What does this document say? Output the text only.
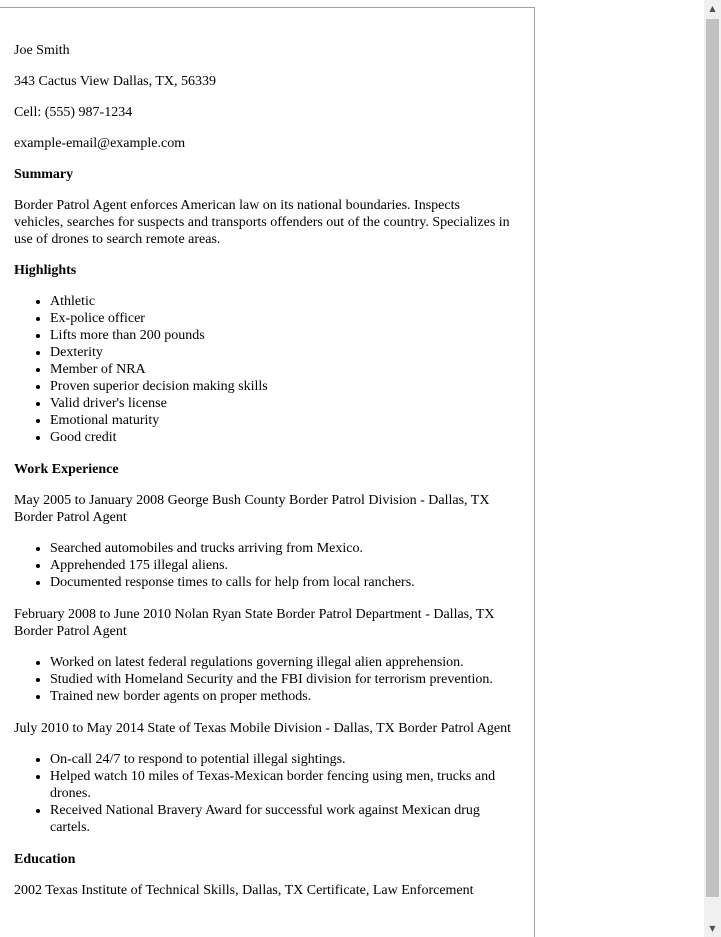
Joe Smith

343 Cactus View Dallas, TX, 56339

Cell: (555) 987-1234

example-email@example.com

Summary

Border Patrol Agent enforces American law on its national boundaries. Inspects vehicles, searches for suspects and transports offenders out of the country. Specializes in use of drones to search remote areas.

Highlights

• Athletic
• Ex-police officer
• Lifts more than 200 pounds
• Dexterity
• Member of NRA
• Proven superior decision making skills
• Valid driver's license
• Emotional maturity
• Good credit

Work Experience

May 2005 to January 2008 George Bush County Border Patrol Division - Dallas, TX Border Patrol Agent

• Searched automobiles and trucks arriving from Mexico.
• Apprehended 175 illegal aliens.
• Documented response times to calls for help from local ranchers.

February 2008 to June 2010 Nolan Ryan State Border Patrol Department - Dallas, TX Border Patrol Agent

• Worked on latest federal regulations governing illegal alien apprehension.
• Studied with Homeland Security and the FBI division for terrorism prevention.
• Trained new border agents on proper methods.

July 2010 to May 2014 State of Texas Mobile Division - Dallas, TX Border Patrol Agent

• On-call 24/7 to respond to potential illegal sightings.
• Helped watch 10 miles of Texas-Mexican border fencing using men, trucks and drones.
• Received National Bravery Award for successful work against Mexican drug cartels.

Education

2002 Texas Institute of Technical Skills, Dallas, TX Certificate, Law Enforcement

▲
▼
